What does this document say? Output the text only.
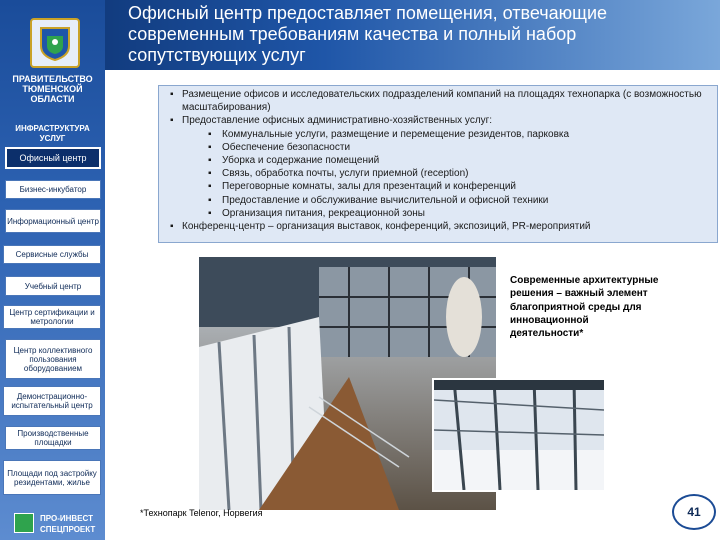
Офисный центр предоставляет помещения, отвечающие современным требованиям качества и полный набор сопутствующих услуг
ПРАВИТЕЛЬСТВО ТЮМЕНСКОЙ ОБЛАСТИ
ИНФРАСТРУКТУРА УСЛУГ
Офисный центр
Бизнес-инкубатор
Информационный центр
Сервисные службы
Учебный центр
Центр сертификации и метрологии
Центр коллективного пользования оборудованием
Демонстрационно-испытательный центр
Производственные площадки
Площади под застройку резидентами, жилье
ПРО-ИНВЕСТ СПЕЦПРОЕКТ
▪ Размещение офисов и исследовательских подразделений компаний на площадях технопарка (с возможностью масштабирования)
▪ Предоставление офисных административно-хозяйственных услуг:
▪ Коммунальные услуги, размещение и перемещение резидентов, парковка
▪ Обеспечение безопасности
▪ Уборка и содержание помещений
▪ Связь, обработка почты, услуги приемной (reception)
▪ Переговорные комнаты, залы для презентаций и конференций
▪ Предоставление и обслуживание вычислительной и офисной техники
▪ Организация питания, рекреационной зоны
▪ Конференц-центр – организация выставок, конференций, экспозиций, PR-мероприятий
Современные архитектурные решения – важный элемент благоприятной среды для инновационной деятельности*
*Технопарк Telenor, Норвегия	41
